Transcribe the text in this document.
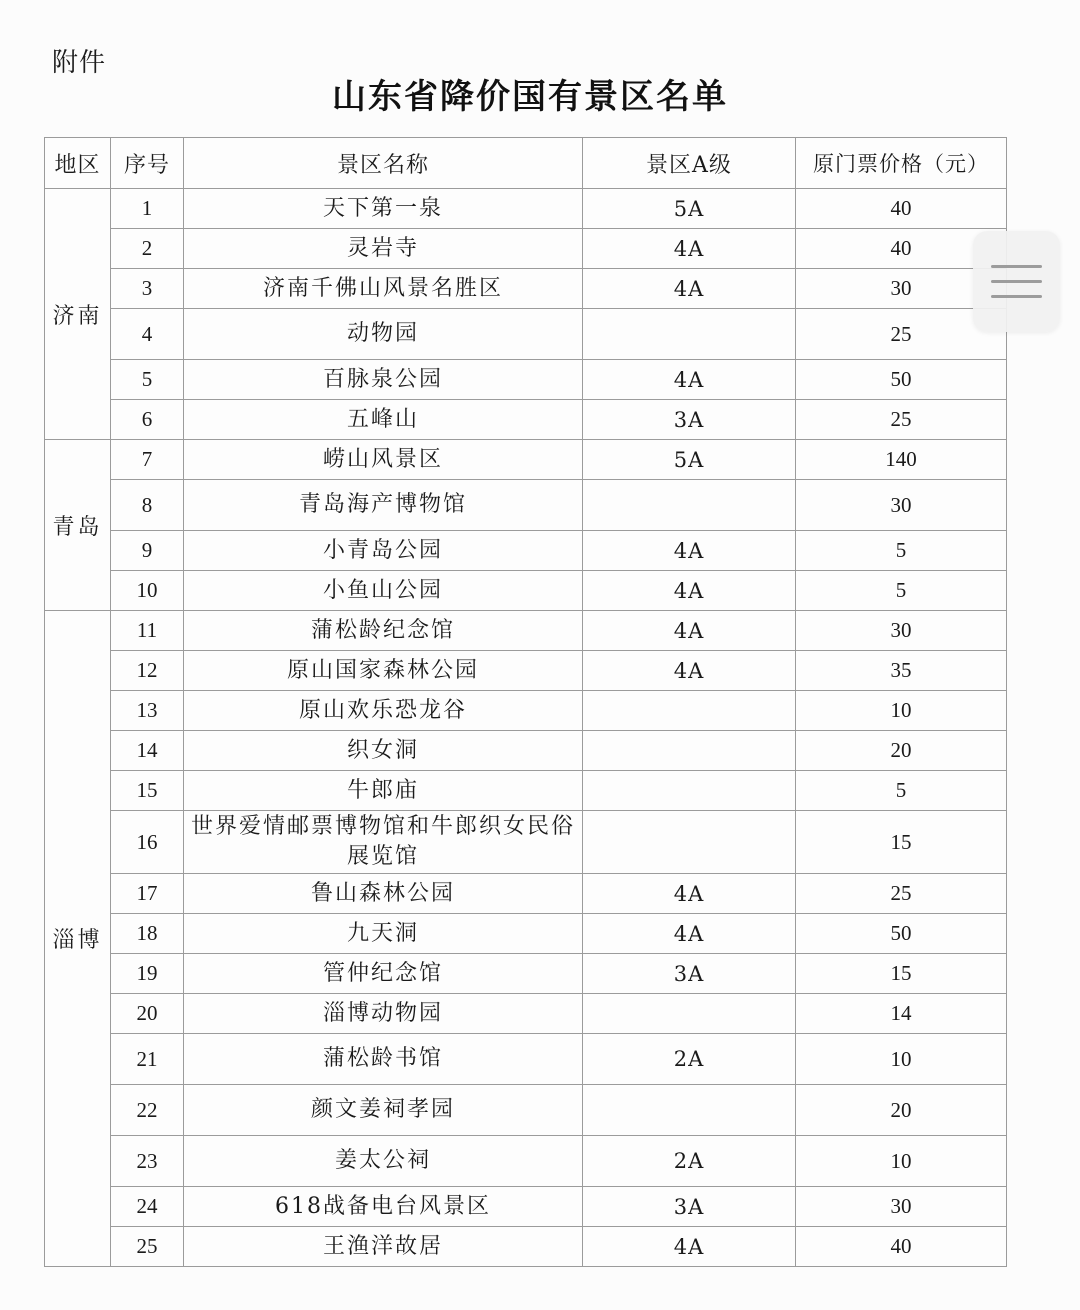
附件
山东省降价国有景区名单
地区	序号	景区名称	景区A级	原门票价格（元）
济南	1	天下第一泉	5A	40
	2	灵岩寺	4A	40
	3	济南千佛山风景名胜区	4A	30
	4	动物园		25
	5	百脉泉公园	4A	50
	6	五峰山	3A	25
青岛	7	崂山风景区	5A	140
	8	青岛海产博物馆		30
	9	小青岛公园	4A	5
	10	小鱼山公园	4A	5
淄博	11	蒲松龄纪念馆	4A	30
	12	原山国家森林公园	4A	35
	13	原山欢乐恐龙谷		10
	14	织女洞		20
	15	牛郎庙		5
	16	世界爱情邮票博物馆和牛郎织女民俗展览馆		15
	17	鲁山森林公园	4A	25
	18	九天洞	4A	50
	19	管仲纪念馆	3A	15
	20	淄博动物园		14
	21	蒲松龄书馆	2A	10
	22	颜文姜祠孝园		20
	23	姜太公祠	2A	10
	24	618战备电台风景区	3A	30
	25	王渔洋故居	4A	40
